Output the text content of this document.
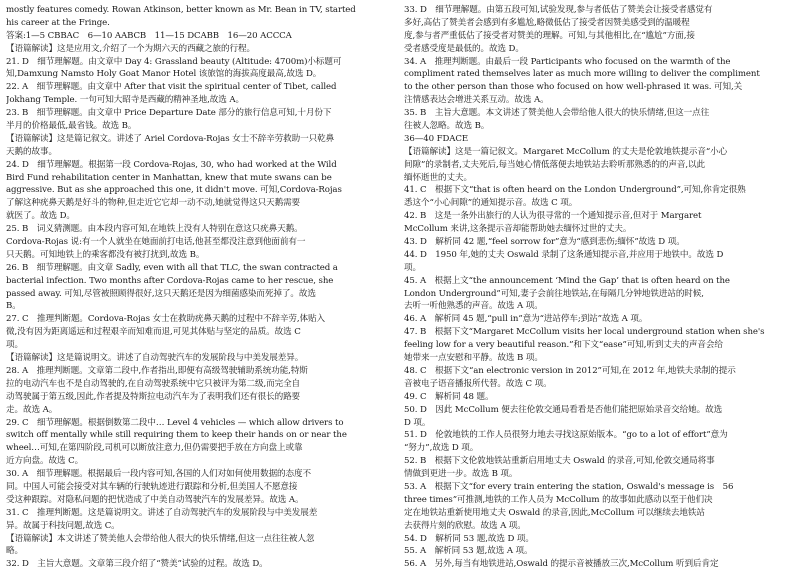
mostly features comedy. Rowan Atkinson, better known as Mr. Bean in TV, started
his career at the Fringe.
答案:1—5 CBBAC　6—10 AABCB　11—15 DCABB　16—20 ACCCA
【语篇解读】这是应用文,介绍了一个为期六天的西藏之旅的行程。
21. D　细节理解题。由文章中 Day 4: Grassland beauty (Altitude: 4700m)小标题可
知,Damxung Namsto Holy Goat Manor Hotel 该旅馆的海拔高度最高,故选 D。
22. A　细节理解题。由文章中 After that visit the spiritual center of Tibet, called
Jokhang Temple. 一句可知大昭寺是西藏的精神圣地,故选 A。
23. B　细节理解题。由文章中 Price Departure Date 部分的旅行信息可知,十月份下
半月的价格最低,最省钱。故选 B。
【语篇解读】这是篇记叙文。讲述了 Ariel Cordova-Rojas 女士不辞辛劳救助一只乾鼻
天鹅的故事。
24. D　细节理解题。根据第一段 Cordova-Rojas, 30, who had worked at the Wild
Bird Fund rehabilitation center in Manhattan, knew that mute swans can be
aggressive. But as she approached this one, it didn't move. 可知,Cordova-Rojas
了解这种疣鼻天鹅是好斗的物种,但走近它它却一动不动,她就觉得这只天鹅需要
就医了。故选 D。
25. B　词义猜测题。由本段内容可知,在地铁上没有人特别在意这只疣鼻天鹅。
Cordova-Rojas 说:有一个人就坐在她面前打电话,他甚至都没注意到他面前有一
只天鹅。可知地铁上的乘客都没有被打扰到,故选 B。
26. B　细节理解题。由文章 Sadly, even with all that TLC, the swan contracted a
bacterial infection. Two months after Cordova-Rojas came to her rescue, she
passed away. 可知,尽管被照顾得很好,这只天鹅还是因为细菌感染而死掉了。故选
B。
27. C　推理判断题。Cordova-Rojas 女士在救助疣鼻天鹅的过程中不辞辛劳,体贴入
微,没有因为距离遥远和过程艰辛而知难而退,可见其体贴与坚定的品质。故选 C
项。
【语篇解读】这是篇说明文。讲述了自动驾驶汽车的发展阶段与中美发展差异。
28. A　推理判断题。文章第二段中,作者指出,即便有高级驾驶辅助系统功能,特斯
拉的电动汽车也不是自动驾驶的,在自动驾驶系统中它只被评为第二级,而完全自
动驾驶属于第五级,因此,作者提及特斯拉电动汽车为了表明我们还有很长的路要
走。故选 A。
29. C　细节理解题。根据倒数第二段中… Level 4 vehicles — which allow drivers to
switch off mentally while still requiring them to keep their hands on or near the
wheel…可知,在第四阶段,司机可以断放注意力,但仍需要把手放在方向盘上或靠
近方向盘。故选 C。
30. A　细节理解题。根据最后一段内容可知,各国的人们对如何使用数据的态度不
同。中国人可能会接受对其车辆的行驶轨迹进行跟踪和分析,但美国人不愿意接
受这种跟踪。对隐私问题的把忧造成了中美自动驾驶汽车的发展差异。故选 A。
31. C　推理判断题。这是篇说明文。讲述了自动驾驶汽车的发展阶段与中美发展差
异。故属于科技问题,故选 C。
【语篇解读】本文讲述了赞美他人会带给他人很大的快乐情绪,但这一点往往被人忽
略。
32. D　主旨大意题。文章第三段介绍了“赞美”试验的过程。故选 D。
33. D　细节理解题。由第五段可知,试验发现,参与者低估了赞美会让接受者感觉有
多好,高估了赞美者会感到有多尴尬,略微低估了接受者因赞美感受到的温暖程
度,参与者严重低估了接受者对赞美的理解。可知,与其他相比,在“尴尬”方面,接
受者感受度是最低的。故选 D。
34. A　推理判断题。由最后一段 Participants who focused on the warmth of the
compliment rated themselves later as much more willing to deliver the compliment
to the other person than those who focused on how well-phrased it was. 可知,关
注情感表达会增进关系互动。故选 A。
35. B　主旨大意题。本文讲述了赞美他人会带给他人很大的快乐情绪,但这一点往
往被人忽略。故选 B。
36—40 FDACE
【语篇解读】这是一篇记叙文。Margaret McCollum 的丈夫是伦敦地铁提示音“小心
间隙”的录制者,丈夫死后,每当她心情低落便去地铁站去聆听那熟悉的的声音,以此
缅怀逝世的丈夫。
41. C　根据下文“that is often heard on the London Underground”,可知,你肯定很熟
悉这个“小心间隙”的通知提示音。故选 C 项。
42. B　这是一条外出旅行的人认为很寻常的一个通知提示音,但对于 Margaret
McCollum 来讲,这条提示音却能帮助她去缅怀过世的丈夫。
43. D　解析同 42 题,“feel sorrow for”意为“感到悲伤;缅怀”故选 D 项。
44. D　1950 年,她的丈夫 Oswald 录制了这条通知提示音,并应用于地铁中。故选 D
项。
45. A　根据上文“the announcement ‘Mind the Gap’ that is often heard on the
London Underground”可知,妻子会前往地铁站,在每隔几分钟地铁进站的时候,
去听一听他熟悉的声音。故选 A 项。
46. A　解析同 45 题,“pull in”意为“进站停车;到站”故选 A 项。
47. B　根据下文“Margaret McCollum visits her local underground station when she's
feeling low for a very beautiful reason.”和下文“ease”可知,听到丈夫的声音会给
她带来一点安慰和平静。故选 B 项。
48. C　根据下文“an electronic version in 2012”可知,在 2012 年,地铁夫录制的提示
音被电子语音播报所代替。故选 C 项。
49. C　解析同 48 题。
50. D　因此 McCollum 便去往伦敦交通局看看是否他们能把原始录音交给她。故选
D 项。
51. D　伦敦地铁的工作人员很努力地去寻找这原始版本。“go to a lot of effort”意为
“努力”,故选 D 项。
52. B　根据下文伦敦地铁站重新启用地丈夫 Oswald 的录音,可知,伦敦交通局将事
情做到更进一步。故选 B 项。
53. A　根据下文“for every train entering the station, Oswald's message is　56
three times”可推测,地铁的工作人员为 McCollum 的故事如此感动以至于他们决
定在地铁站重新使用地丈夫 Oswald 的录音,因此,McCollum 可以继续去地铁站
去获得片刻的欣慰。故选 A 项。
54. D　解析同 53 题,故选 D 项。
55. A　解析同 53 题,故选 A 项。
56. A　另外,每当有地铁进站,Oswald 的提示音被播放三次,McCollum 听到后肯定
